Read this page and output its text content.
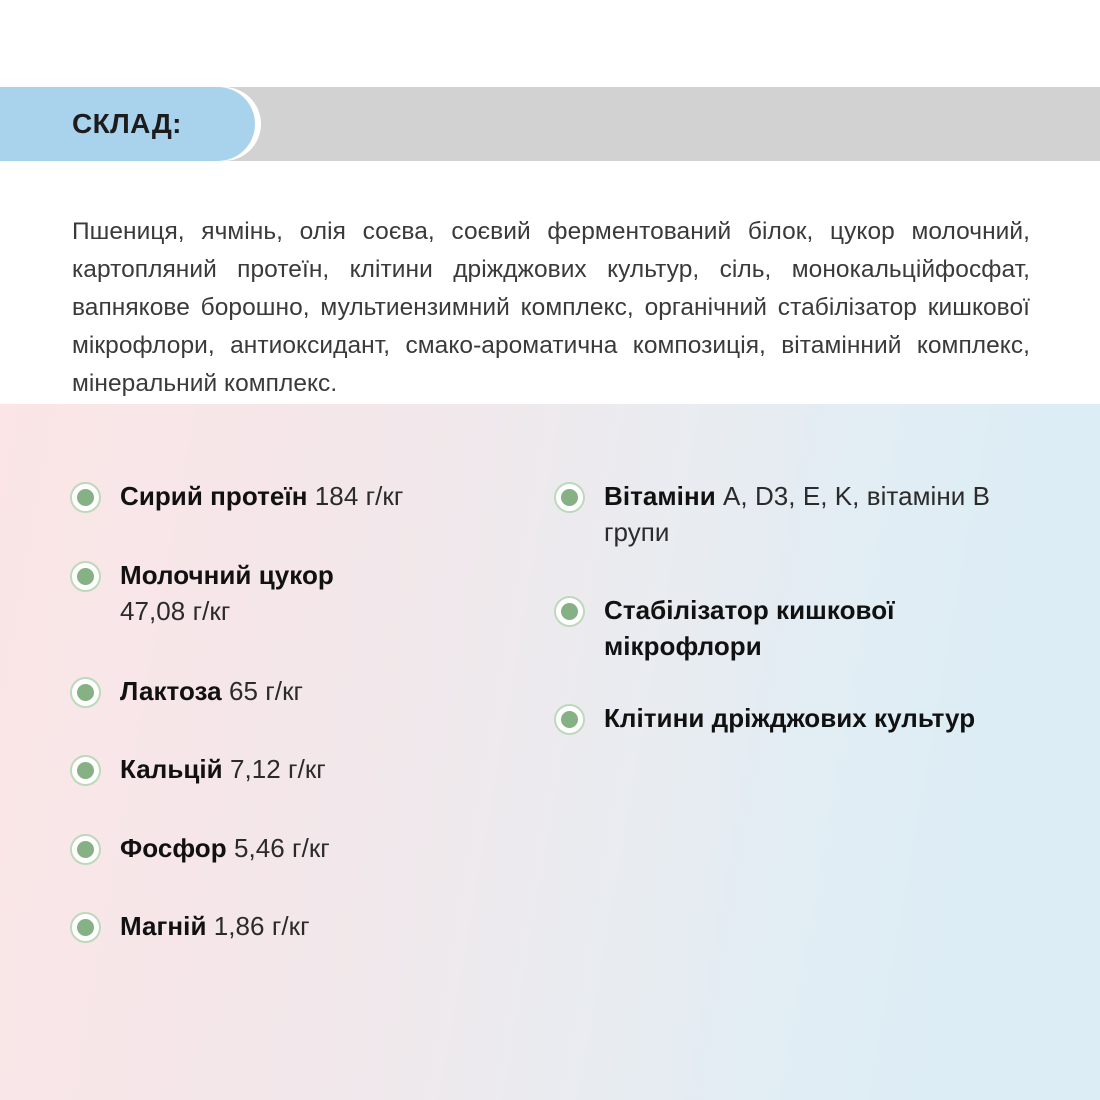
СКЛАД:

Пшениця, ячмінь, олія соєва, соєвий ферментований білок, цукор молочний, картопляний протеїн, клітини дріжджових культур, сіль, монокальційфосфат, вапнякове борошно, мультиензимний комплекс, органічний стабілізатор кишкової мікрофлори, антиоксидант, смако-ароматична композиція, вітамінний комплекс, мінеральний комплекс.

Сирий протеїн 184 г/кг
Молочний цукор
47,08 г/кг
Лактоза 65 г/кг
Кальцій 7,12 г/кг
Фосфор 5,46 г/кг
Магній 1,86 г/кг
Вітаміни A, D3, E, K, вітаміни B групи
Стабілізатор кишкової мікрофлори
Клітини дріжджових культур
